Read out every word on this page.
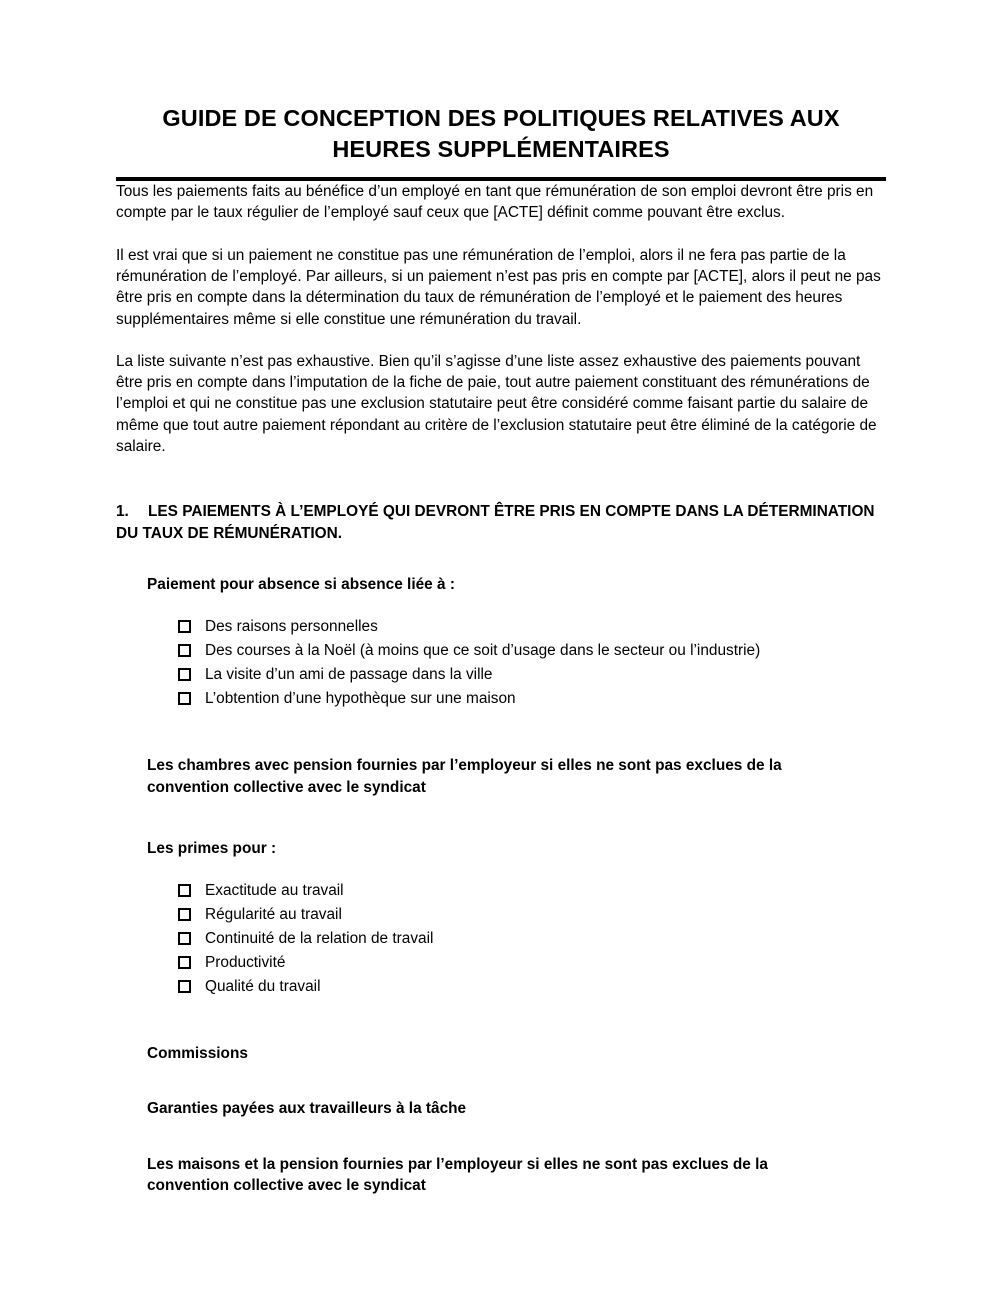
GUIDE DE CONCEPTION DES POLITIQUES RELATIVES AUX HEURES SUPPLÉMENTAIRES

Tous les paiements faits au bénéfice d’un employé en tant que rémunération de son emploi devront être pris en compte par le taux régulier de l’employé sauf ceux que [ACTE] définit comme pouvant être exclus.

Il est vrai que si un paiement ne constitue pas une rémunération de l’emploi, alors il ne fera pas partie de la rémunération de l’employé. Par ailleurs, si un paiement n’est pas pris en compte par [ACTE], alors il peut ne pas être pris en compte dans la détermination du taux de rémunération de l’employé et le paiement des heures supplémentaires même si elle constitue une rémunération du travail.

La liste suivante n’est pas exhaustive. Bien qu’il s’agisse d’une liste assez exhaustive des paiements pouvant être pris en compte dans l’imputation de la fiche de paie, tout autre paiement constituant des rémunérations de l’emploi et qui ne constitue pas une exclusion statutaire peut être considéré comme faisant partie du salaire de même que tout autre paiement répondant au critère de l’exclusion statutaire peut être éliminé de la catégorie de salaire.

1. LES PAIEMENTS À L’EMPLOYÉ QUI DEVRONT ÊTRE PRIS EN COMPTE DANS LA DÉTERMINATION DU TAUX DE RÉMUNÉRATION.

Paiement pour absence si absence liée à :

Des raisons personnelles
Des courses à la Noël (à moins que ce soit d’usage dans le secteur ou l’industrie)
La visite d’un ami de passage dans la ville
L’obtention d’une hypothèque sur une maison

Les chambres avec pension fournies par l’employeur si elles ne sont pas exclues de la convention collective avec le syndicat

Les primes pour :

Exactitude au travail
Régularité au travail
Continuité de la relation de travail
Productivité
Qualité du travail

Commissions

Garanties payées aux travailleurs à la tâche

Les maisons et la pension fournies par l’employeur si elles ne sont pas exclues de la convention collective avec le syndicat
